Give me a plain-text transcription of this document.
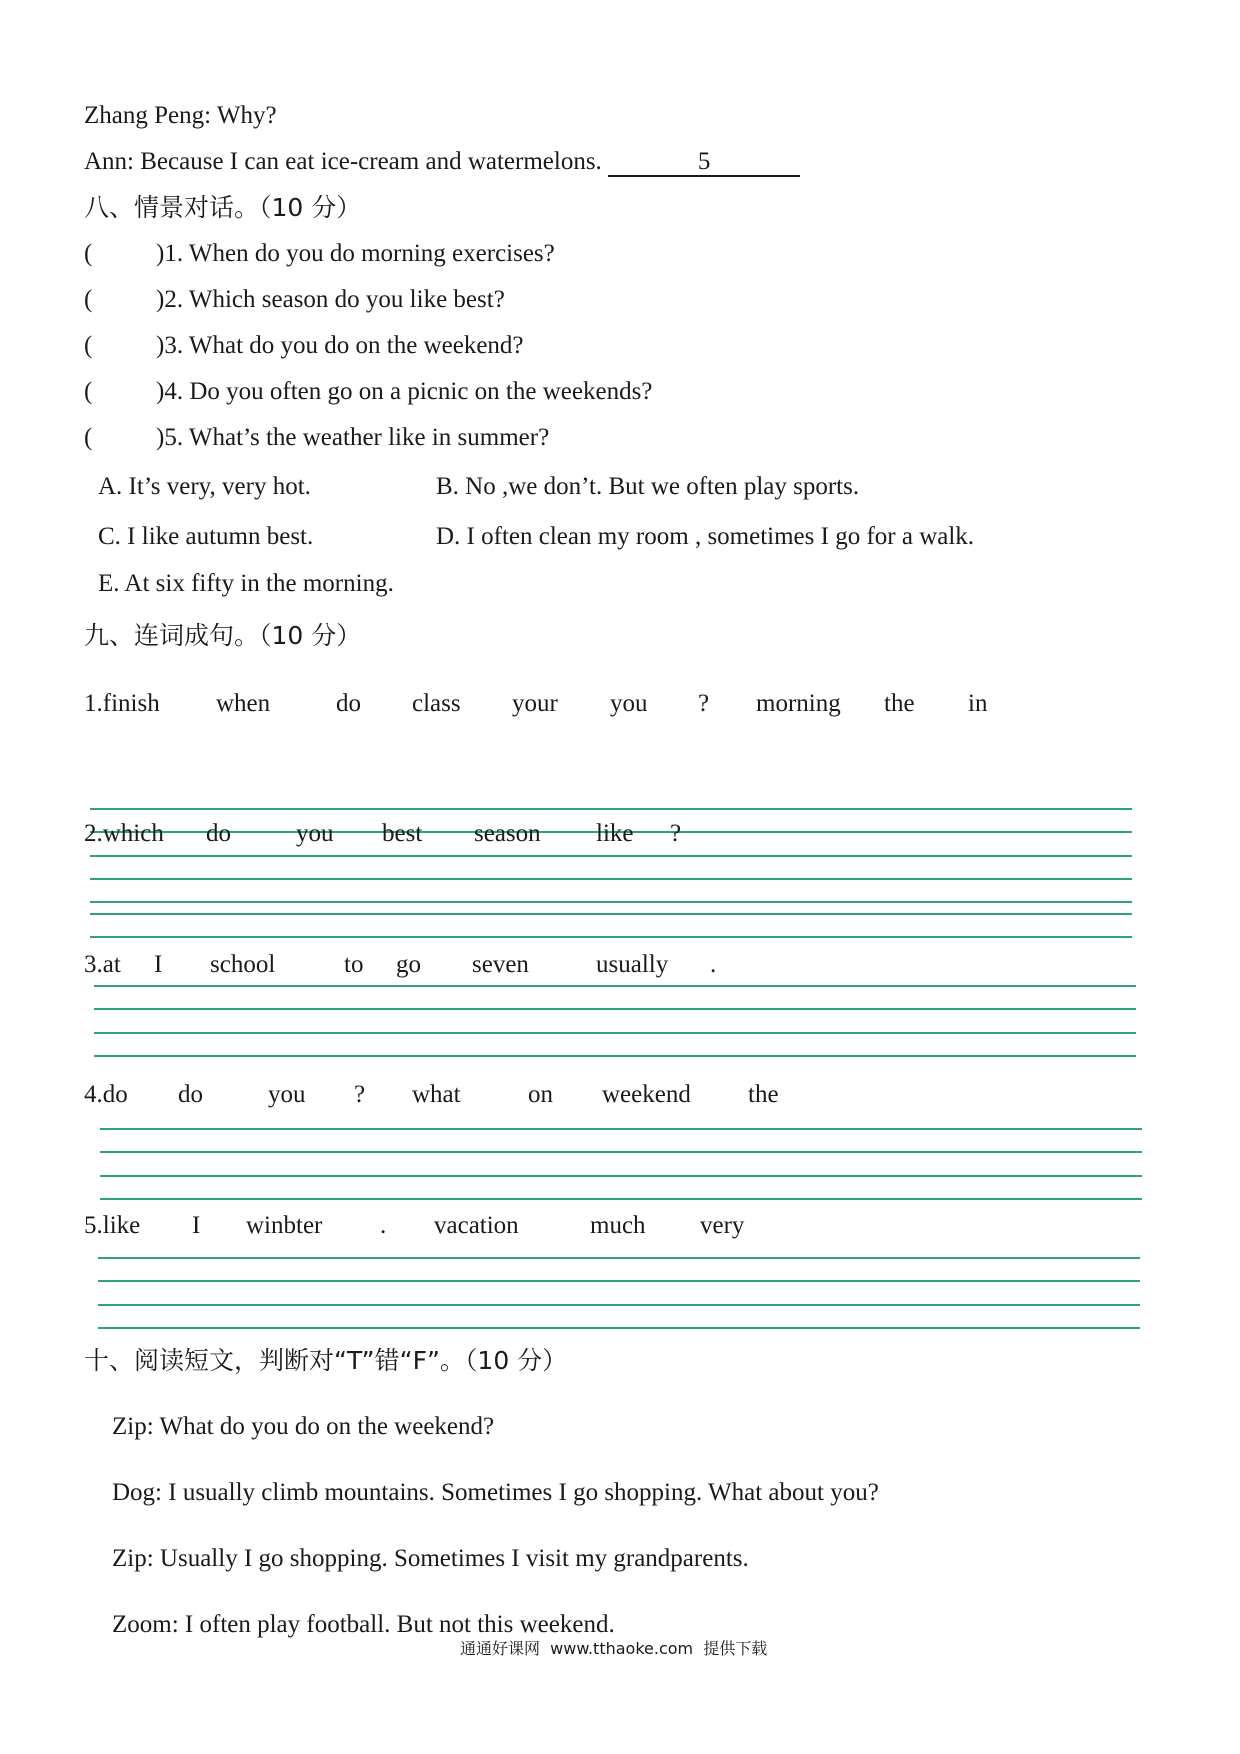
Zhang Peng: Why?
Ann: Because I can eat ice-cream and watermelons.	5
八、情景对话。（10 分）
(	)1. When do you do morning exercises?
(	)2. Which season do you like best?
(	)3. What do you do on the weekend?
(	)4. Do you often go on a picnic on the weekends?
(	)5. What’s the weather like in summer?
A. It’s very, very hot.	B. No ,we don’t. But we often play sports.
C. I like autumn best.	D. I often clean my room , sometimes I go for a walk.
E. At six fifty in the morning.
九、连词成句。（10 分）
1.finish when	do class your you ? morning the in
2.which do	you best season like ?
3.at I school	to go seven	usually .
4.do do	you ? what	on weekend the
5.like I winbter . vacation	much very
十、阅读短文，判断对“T”错“F”。（10 分）
Zip: What do you do on the weekend?
Dog: I usually climb mountains. Sometimes I go shopping. What about you?
Zip: Usually I go shopping. Sometimes I visit my grandparents.
Zoom: I often play football. But not this weekend.
通通好课网  www.tthaoke.com  提供下载
